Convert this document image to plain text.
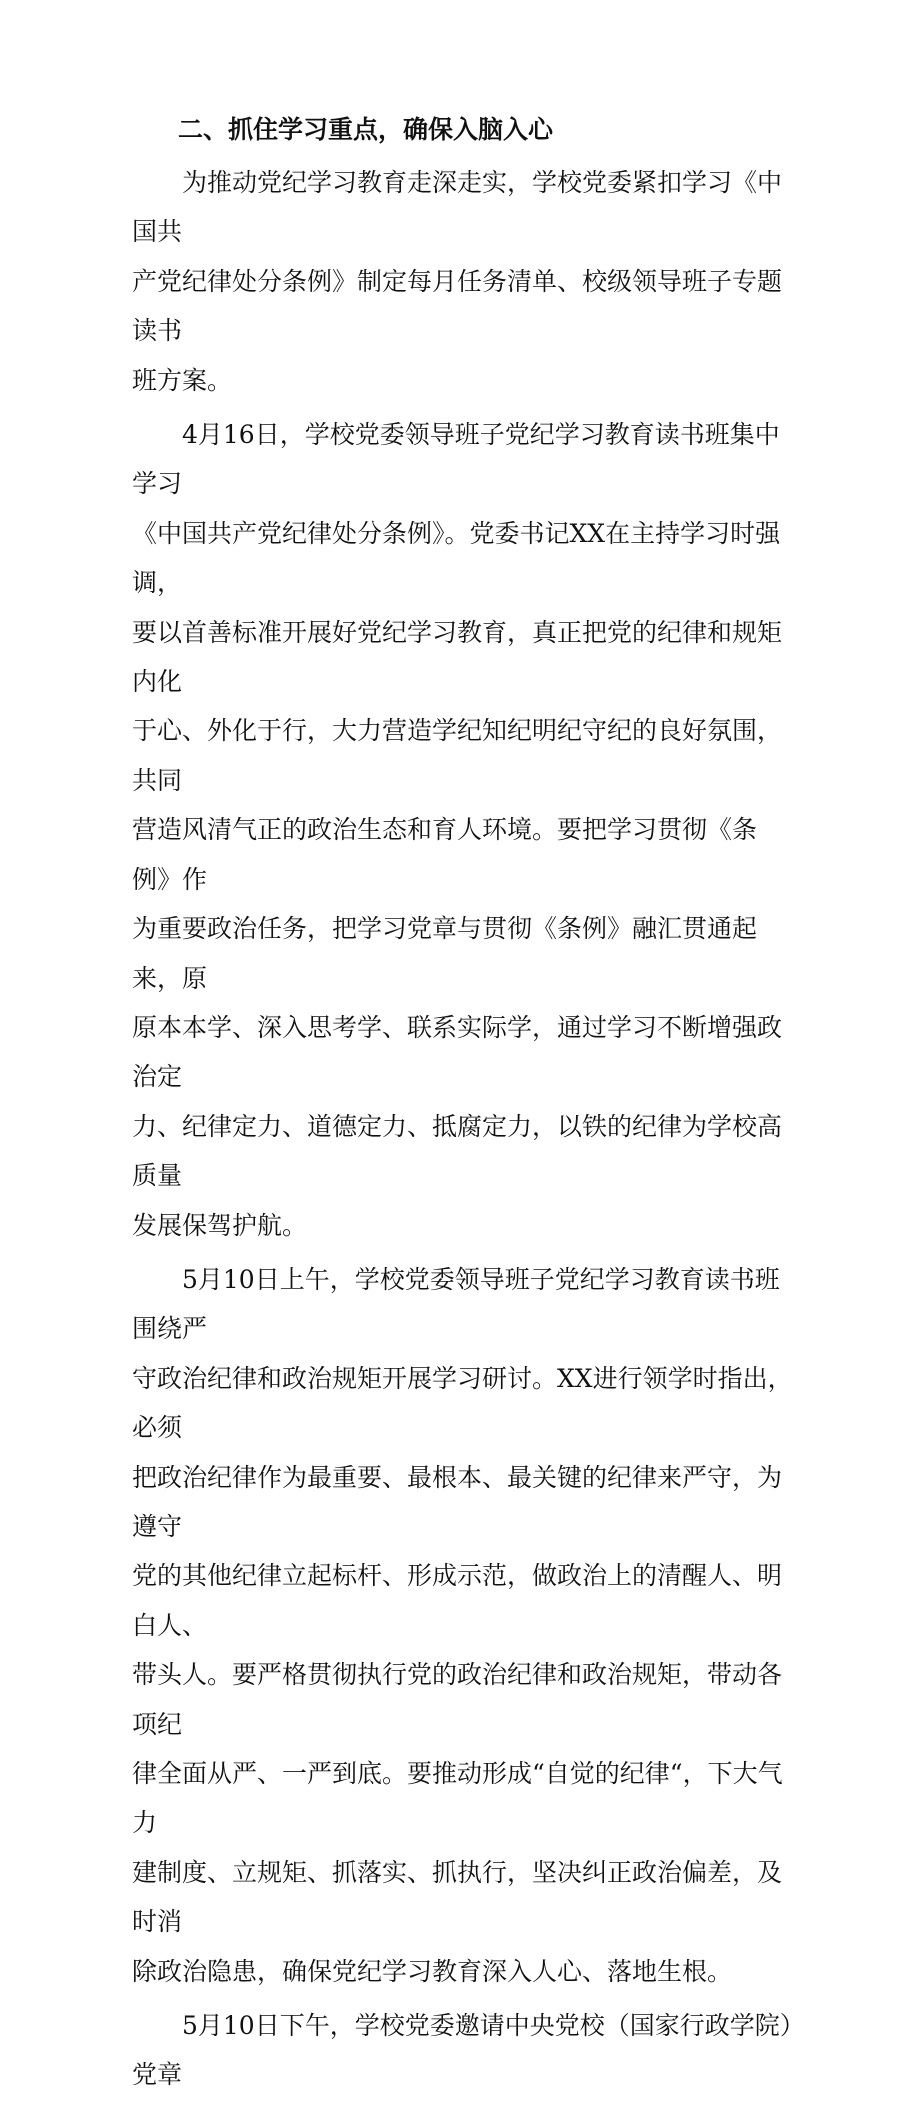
二、抓住学习重点，确保入脑入心

　　为推动党纪学习教育走深走实，学校党委紧扣学习《中国共
产党纪律处分条例》制定每月任务清单、校级领导班子专题读书
班方案。

　　4月16日，学校党委领导班子党纪学习教育读书班集中学习
《中国共产党纪律处分条例》。党委书记XX在主持学习时强调，
要以首善标准开展好党纪学习教育，真正把党的纪律和规矩内化
于心、外化于行，大力营造学纪知纪明纪守纪的良好氛围，共同
营造风清气正的政治生态和育人环境。要把学习贯彻《条例》作
为重要政治任务，把学习党章与贯彻《条例》融汇贯通起来，原
原本本学、深入思考学、联系实际学，通过学习不断增强政治定
力、纪律定力、道德定力、抵腐定力，以铁的纪律为学校高质量
发展保驾护航。

　　5月10日上午，学校党委领导班子党纪学习教育读书班围绕严
守政治纪律和政治规矩开展学习研讨。XX进行领学时指出，必须
把政治纪律作为最重要、最根本、最关键的纪律来严守，为遵守
党的其他纪律立起标杆、形成示范，做政治上的清醒人、明白人、
带头人。要严格贯彻执行党的政治纪律和政治规矩，带动各项纪
律全面从严、一严到底。要推动形成“自觉的纪律“，下大气力
建制度、立规矩、抓落实、抓执行，坚决纠正政治偏差，及时消
除政治隐患，确保党纪学习教育深入人心、落地生根。

　　5月10日下午，学校党委邀请中央党校（国家行政学院）党章
